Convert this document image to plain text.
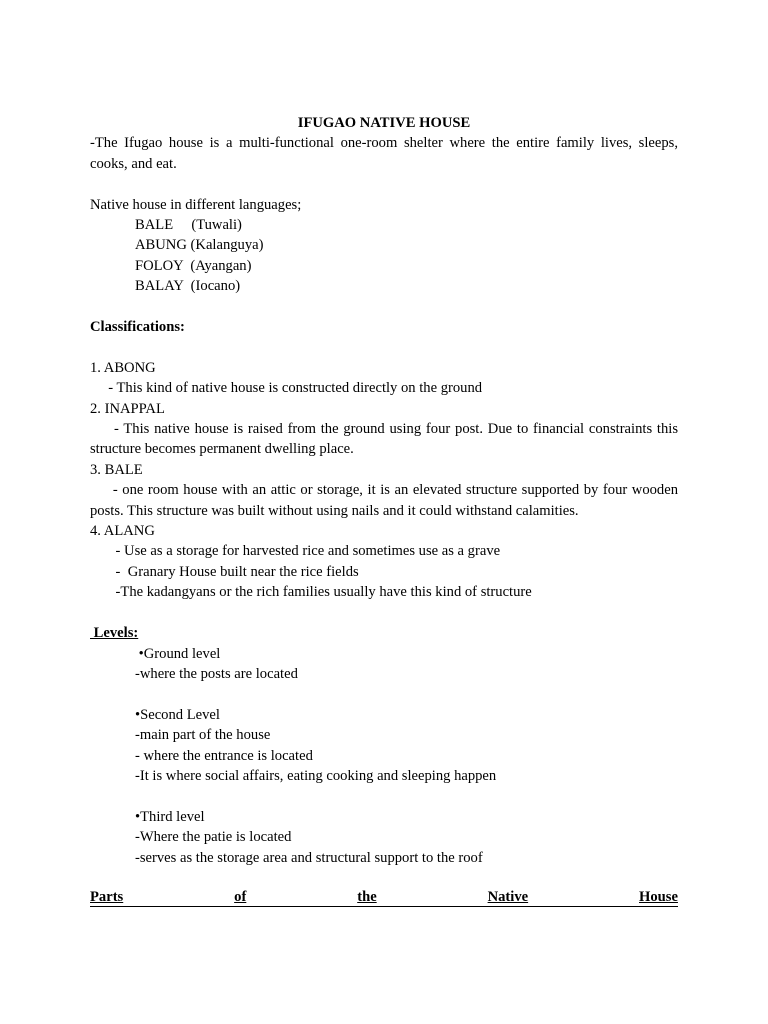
IFUGAO NATIVE HOUSE
-The Ifugao house is a multi-functional one-room shelter where the entire family lives, sleeps, cooks, and eat.
Native house in different languages;
BALE     (Tuwali)
ABUNG (Kalanguya)
FOLOY  (Ayangan)
BALAY  (Iocano)
Classifications:
1. ABONG
- This kind of native house is constructed directly on the ground
2. INAPPAL
- This native house is raised from the ground using four post. Due to financial constraints this structure becomes permanent dwelling place.
3. BALE
- one room house with an attic or storage, it is an elevated structure supported by four wooden posts. This structure was built without using nails and it could withstand calamities.
4. ALANG
- Use as a storage for harvested rice and sometimes use as a grave
-  Granary House built near the rice fields
-The kadangyans or the rich families usually have this kind of structure
Levels:
•Ground level
-where the posts are located
•Second Level
-main part of the house
- where the entrance is located
-It is where social affairs, eating cooking and sleeping happen
•Third level
-Where the patie is located
-serves as the storage area and structural support to the roof
Parts	of	the	Native	House
